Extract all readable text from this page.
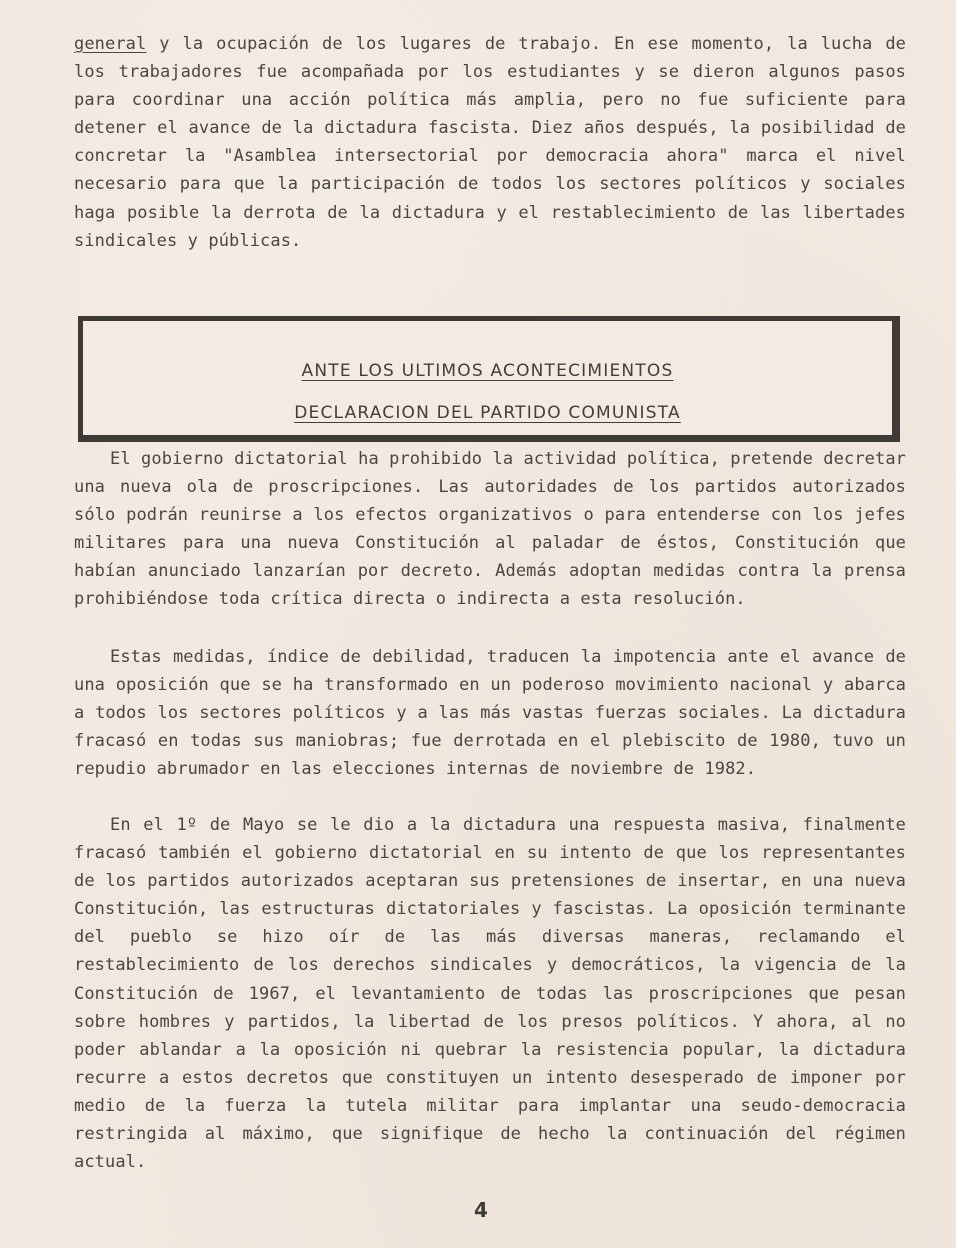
general y la ocupación de los lugares de trabajo. En ese momento, la lucha de los trabajadores fue acompañada por los estudiantes y se dieron algunos pasos para coordinar una acción política más amplia, pero no fue suficiente para detener el avance de la dictadura fascista. Diez años después, la posibilidad de concretar la "Asamblea intersectorial por democracia ahora" marca el nivel necesario para que la participación de todos los sectores políticos y sociales haga posible la derrota de la dictadura y el restablecimiento de las libertades sindicales y públicas.

ANTE LOS ULTIMOS ACONTECIMIENTOS
DECLARACION DEL PARTIDO COMUNISTA

El gobierno dictatorial ha prohibido la actividad política, pretende decretar una nueva ola de proscripciones. Las autoridades de los partidos autorizados sólo podrán reunirse a los efectos organizativos o para entenderse con los jefes militares para una nueva Constitución al paladar de éstos, Constitución que habían anunciado lanzarían por decreto. Además adoptan medidas contra la prensa prohibiéndose toda crítica directa o indirecta a esta resolución.

Estas medidas, índice de debilidad, traducen la impotencia ante el avance de una oposición que se ha transformado en un poderoso movimiento nacional y abarca a todos los sectores políticos y a las más vastas fuerzas sociales. La dictadura fracasó en todas sus maniobras; fue derrotada en el plebiscito de 1980, tuvo un repudio abrumador en las elecciones internas de noviembre de 1982.

En el 1º de Mayo se le dio a la dictadura una respuesta masiva, finalmente fracasó también el gobierno dictatorial en su intento de que los representantes de los partidos autorizados aceptaran sus pretensiones de insertar, en una nueva Constitución, las estructuras dictatoriales y fascistas. La oposición terminante del pueblo se hizo oír de las más diversas maneras, reclamando el restablecimiento de los derechos sindicales y democráticos, la vigencia de la Constitución de 1967, el levantamiento de todas las proscripciones que pesan sobre hombres y partidos, la libertad de los presos políticos. Y ahora, al no poder ablandar a la oposición ni quebrar la resistencia popular, la dictadura recurre a estos decretos que constituyen un intento desesperado de imponer por medio de la fuerza la tutela militar para implantar una seudo-democracia restringida al máximo, que signifique de hecho la continuación del régimen actual.

4
